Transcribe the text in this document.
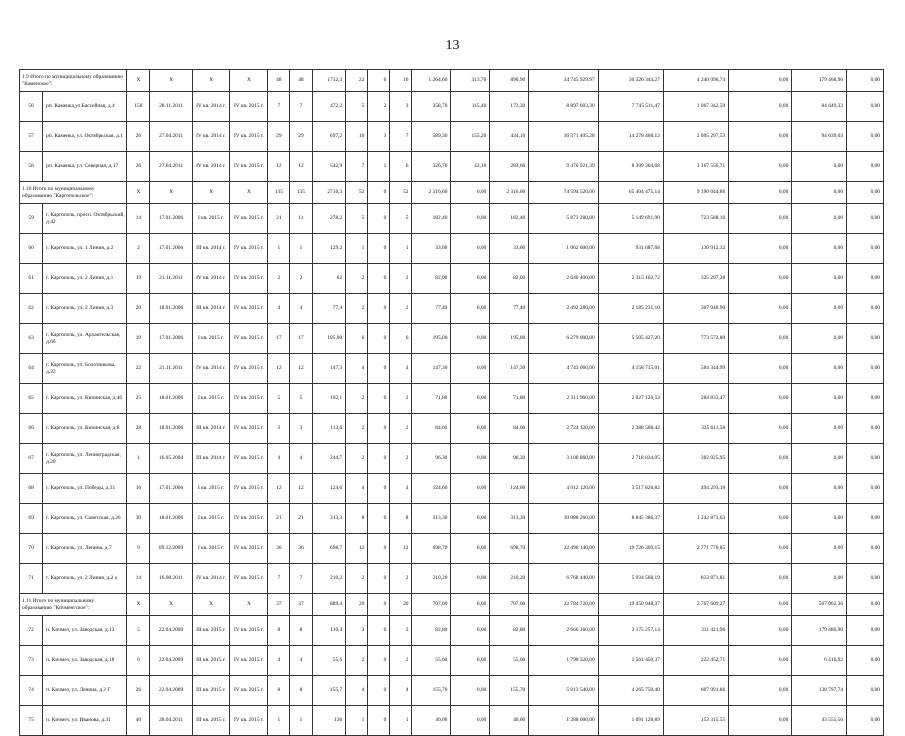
13
1.9 Итого по муниципальному образованию "Каменское":		X	X	X	X	48	48	1712,3	22	6	16	1 264,60	313,70	890,90	34 745 929,97	30 326 344,27	4 240 096,74	0,00	179 468,96	0,00
56	рп. Каменка,ул.Бассейная, д.4	158	28.11.2011	IV кв. 2014 г.	IV кв. 2015 г.	7	7	472,2	5	2	3	358,70	115,40	173,30	8 897 603,30	7 745 511,47	1 067 342,50	0,00	84 649,33	0,00
57	рп. Каменка, ул. Октябрьская, д.1	26	27.04.2011	IV кв. 2014 г.	IV кв. 2015 г.	29	29	697,2	10	3	7	589,30	155,20	434,10	16 371 405,28	14 278 468,12	2 005 297,53	0,00	94 639,63	0,00
58	рп. Каменка, ул. Северная, д.17	26	27.04.2011	IV кв. 2014 г.	IV кв. 2015 г.	12	12	542,9	7	1	6	326,70	43,10	283,60	9 476 921,39	8 309 364,68	1 167 556,71	0,00	0,00	0,00
1.10 Итого по муниципальному образованию "Каргопольское":		X	X	X	X	135	135	2716,3	52	0	52	2 316,60	0,00	2 316,60	74 594 520,00	65 404 475,14	9 190 044,86	0,00	0,00	0,00
59	г. Каргополь, просп. Октябрьский, д.42	14	17.01.2006	I кв. 2015 г.	IV кв. 2015 г.	21	11	278,2	5	0	5	182,40	0,00	182,40	5 873 280,00	5 149 691,90	723 588,10	0,00	0,00	0,00
60	г. Каргополь, ул. 1 Линия, д.2	2	17.01.2006	III кв. 2014 г.	IV кв. 2015 г.	1	1	129,2	1	0	1	33,00	0,00	33,00	1 062 600,00	931 687,68	130 912,32	0,00	0,00	0,00
61	г. Каргополь, ул. 2 Линия, д.1	19	21.11.2011	IV кв. 2014 г.	IV кв. 2015 г.	2	2	82	2	0	2	82,00	0,00	82,00	2 640 400,00	2 315 102,72	325 297,28	0,00	0,00	0,00
62	г. Каргополь, ул. 2 Линия, д.3	20	18.01.2006	III кв. 2014 г.	IV кв. 2015 г.	4	4	77,4	2	0	2	77,40	0,00	77,40	2 492 280,00	2 185 231,10	307 048,90	0,00	0,00	0,00
63	г. Каргополь, ул. Архангельская, д.6б	19	17.01.2006	I кв. 2015 г.	IV кв. 2015 г.	17	17	195,00	6	0	6	195,00	0,00	195,00	6 279 000,00	5 505 427,20	773 572,80	0,00	0,00	0,00
64	г. Каргополь, ул. Болотникова, д.22	22	21.11.2011	IV кв. 2014 г.	IV кв. 2015 г.	12	12	147,3	4	0	4	147,30	0,00	147,30	4 743 060,00	4 158 715,01	584 344,99	0,00	0,00	0,00
65	г. Каргополь, ул. Кипинская, д.46	25	18.01.2006	I кв. 2015 г.	IV кв. 2015 г.	5	5	102,1	2	0	2	71,80	0,00	71,80	2 311 960,00	2 027 126,53	284 833,47	0,00	0,00	0,00
66	г. Каргополь, ул. Кипинская, д.8	28	18.01.2006	III кв. 2014 г.	IV кв. 2015 г.	3	3	113,6	2	0	2	84,60	0,00	84,60	2 724 120,00	2 388 508,42	335 611,58	0,00	0,00	0,00
67	г. Каргополь, ул. Ленинградская, д.20	1	16.05.2004	III кв. 2014 г.	IV кв. 2015 г.	4	4	244,7	2	0	2	96,30	0,00	96,30	3 100 860,00	2 718 834,05	382 025,95	0,00	0,00	0,00
68	г. Каргополь, ул. Победы, д.31	16	17.01.2006	I кв. 2015 г.	IV кв. 2015 г.	12	12	124,6	4	0	4	124,60	0,00	124,60	4 012 120,00	3 517 826,82	494 293,18	0,00	0,00	0,00
69	г. Каргополь, ул. Советская, д.26	30	18.01.2006	I кв. 2015 г.	IV кв. 2015 г.	21	21	313,3	8	0	8	313,30	0,00	313,30	10 088 260,00	8 845 386,37	1 242 873,63	0,00	0,00	0,00
70	г. Каргополь, ул. Ленина, д.7	9	09.12.2009	I кв. 2015 г.	IV кв. 2015 г.	36	36	698,7	12	0	12	698,70	0,00	698,70	22 498 140,00	19 726 369,15	2 771 770,85	0,00	0,00	0,00
71	г. Каргополь, ул. 2 Линия, д.2 а	14	16.08.2011	IV кв. 2014 г.	IV кв. 2015 г.	7	7	210,2	2	0	2	210,20	0,00	210,20	6 768 440,00	5 934 568,19	833 871,81	0,00	0,00	0,00
1.11 Итого по муниципальному образованию "Кичменгское":		X	X	X	X	37	37	889,4	20	0	20	707,60	0,00	707,60	22 784 720,00	19 450 048,37	2 767 609,27	0,00	567 062,36	0,00
72	п. Кичмез, ул. Заводская, д.13	5	22.04.2009	III кв. 2015 г.	IV кв. 2015 г.	8	8	110,4	3	0	3	82,80	0,00	82,80	2 666 160,00	2 175 257,14	311 421,96	0,00	179 480,90	0,00
73	п. Кичмез, ул. Заводская, д.18	6	22.04.2009	III кв. 2015 г.	IV кв. 2015 г.	4	4	55,6	2	0	2	55,60	0,00	55,60	1 790 320,00	1 561 450,37	222 452,71	0,00	6 416,92	0,00
74	п. Кичмез, ул. Ленина, д.3 Г	26	22.04.2009	III кв. 2015 г.	IV кв. 2015 г.	8	8	155,7	4	0	4	155,70	0,00	155,70	5 013 540,00	4 265 750,40	607 991,86	0,00	138 797,74	0,00
75	п. Кичмез, ул. Иванова, д.31	40	28.04.2011	III кв. 2015 г.	IV кв. 2015 г.	1	1	136	1	0	1	40,00	0,00	40,00	1 288 000,00	1 091 128,89	153 315,55	0,00	43 555,56	0,00
